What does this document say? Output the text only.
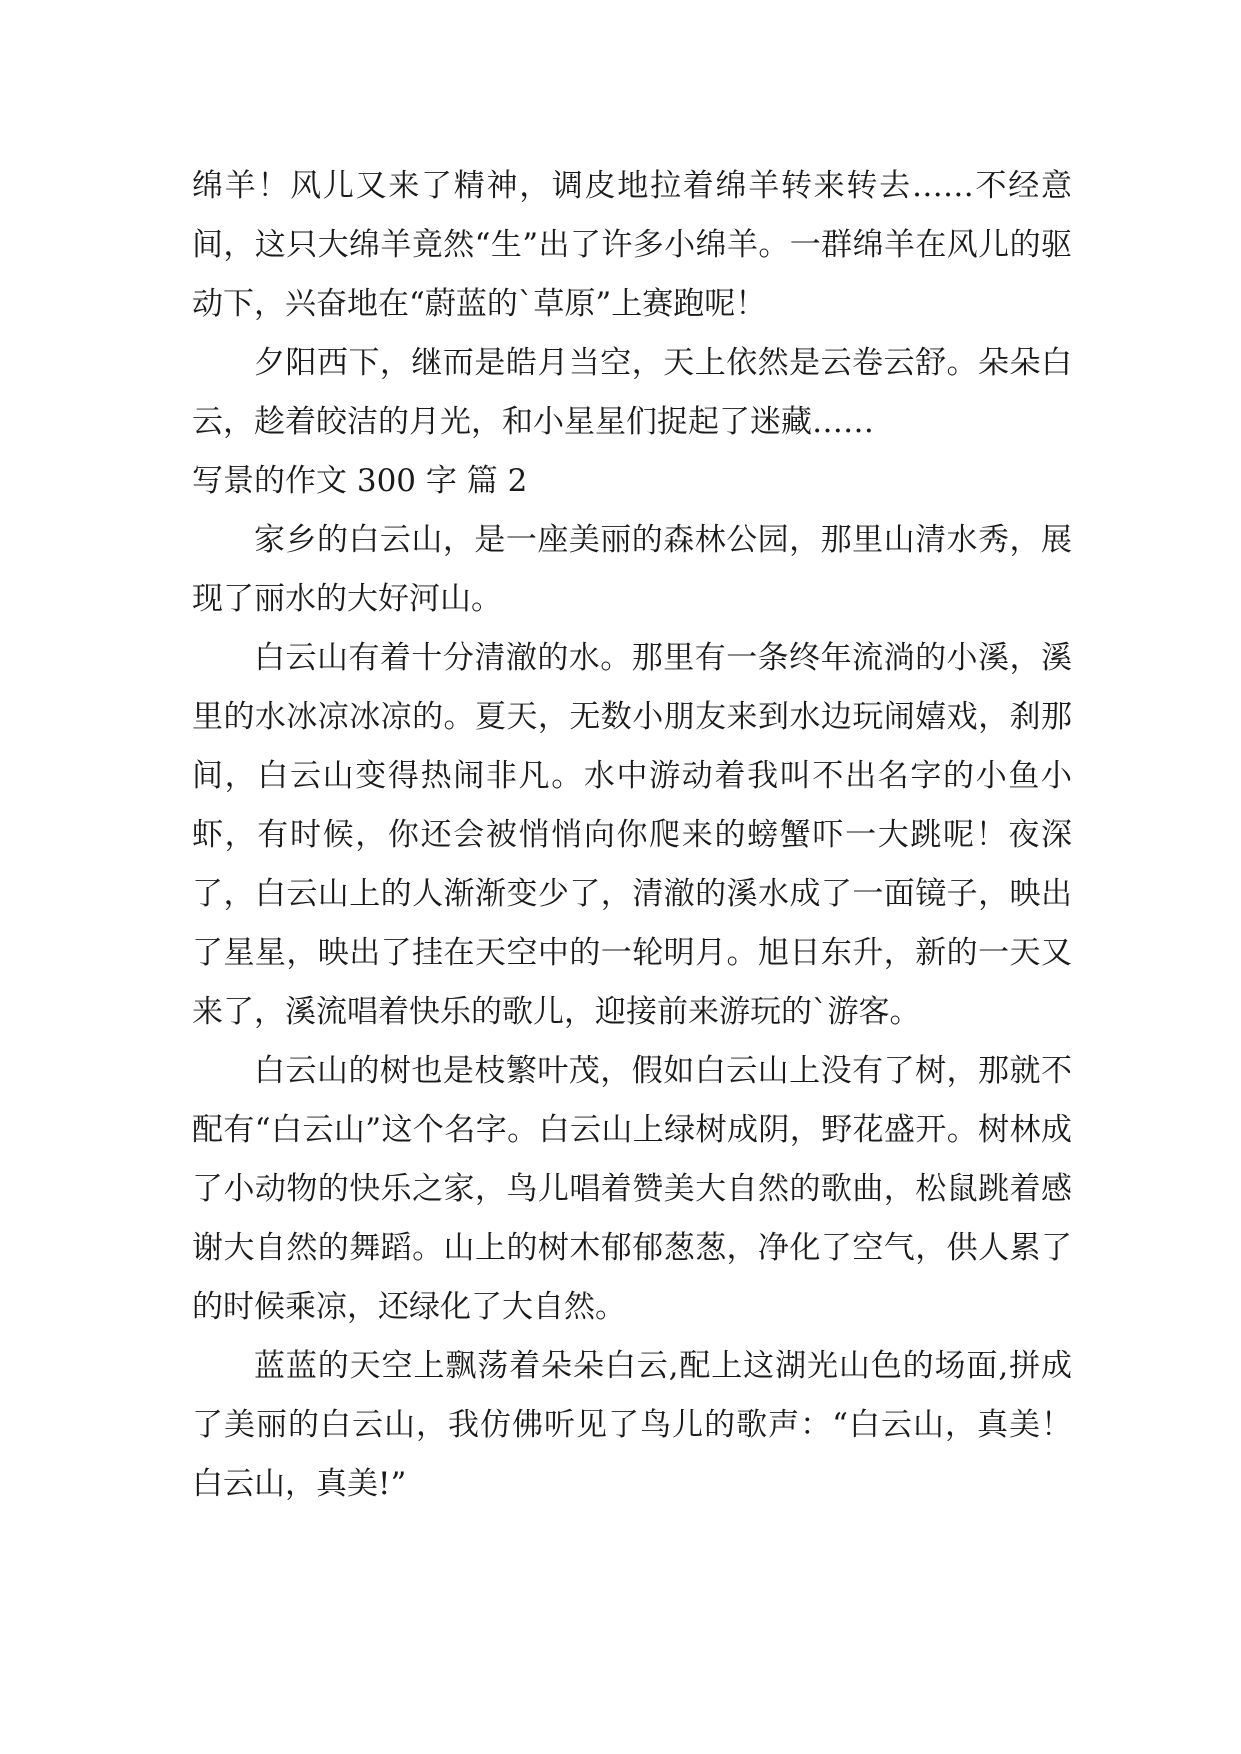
绵羊！风儿又来了精神，调皮地拉着绵羊转来转去……不经意间，这只大绵羊竟然“生”出了许多小绵羊。一群绵羊在风儿的驱动下，兴奋地在“蔚蓝的`草原”上赛跑呢！

夕阳西下，继而是皓月当空，天上依然是云卷云舒。朵朵白云，趁着皎洁的月光，和小星星们捉起了迷藏……

写景的作文 300 字 篇 2

家乡的白云山，是一座美丽的森林公园，那里山清水秀，展现了丽水的大好河山。

白云山有着十分清澈的水。那里有一条终年流淌的小溪，溪里的水冰凉冰凉的。夏天，无数小朋友来到水边玩闹嬉戏，刹那间，白云山变得热闹非凡。水中游动着我叫不出名字的小鱼小虾，有时候，你还会被悄悄向你爬来的螃蟹吓一大跳呢！夜深了，白云山上的人渐渐变少了，清澈的溪水成了一面镜子，映出了星星，映出了挂在天空中的一轮明月。旭日东升，新的一天又来了，溪流唱着快乐的歌儿，迎接前来游玩的`游客。

白云山的树也是枝繁叶茂，假如白云山上没有了树，那就不配有“白云山”这个名字。白云山上绿树成阴，野花盛开。树林成了小动物的快乐之家，鸟儿唱着赞美大自然的歌曲，松鼠跳着感谢大自然的舞蹈。山上的树木郁郁葱葱，净化了空气，供人累了的时候乘凉，还绿化了大自然。

蓝蓝的天空上飘荡着朵朵白云,配上这湖光山色的场面,拼成了美丽的白云山，我仿佛听见了鸟儿的歌声：“白云山，真美！白云山，真美!”
